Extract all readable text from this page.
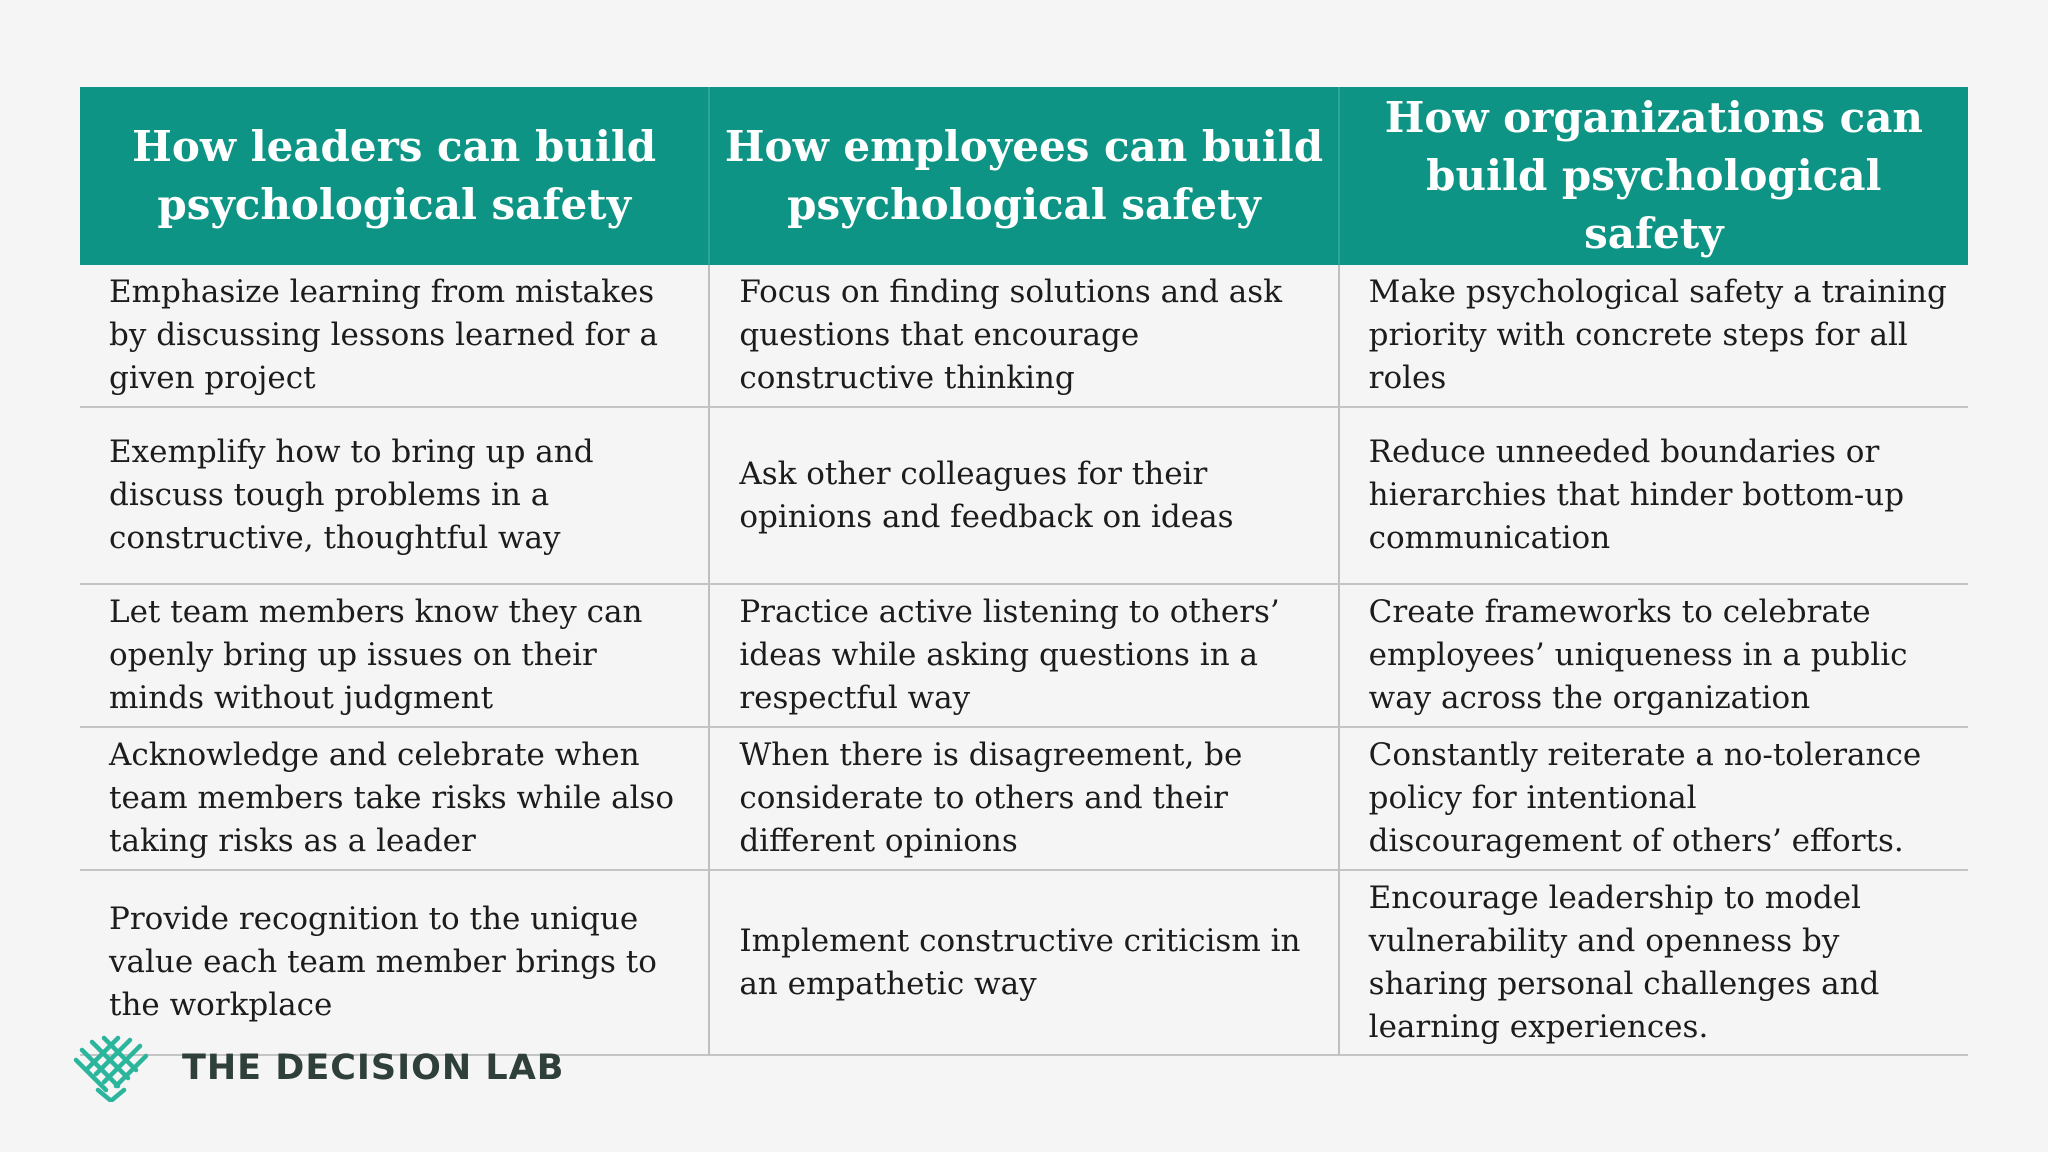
How leaders can build psychological safety	How employees can build psychological safety	How organizations can build psychological safety
Emphasize learning from mistakes by discussing lessons learned for a given project	Focus on finding solutions and ask questions that encourage constructive thinking	Make psychological safety a training priority with concrete steps for all roles
Exemplify how to bring up and discuss tough problems in a constructive, thoughtful way	Ask other colleagues for their opinions and feedback on ideas	Reduce unneeded boundaries or hierarchies that hinder bottom-up communication
Let team members know they can openly bring up issues on their minds without judgment	Practice active listening to others’ ideas while asking questions in a respectful way	Create frameworks to celebrate employees’ uniqueness in a public way across the organization
Acknowledge and celebrate when team members take risks while also taking risks as a leader	When there is disagreement, be considerate to others and their different opinions	Constantly reiterate a no-tolerance policy for intentional discouragement of others’ efforts.
Provide recognition to the unique value each team member brings to the workplace	Implement constructive criticism in an empathetic way	Encourage leadership to model vulnerability and openness by sharing personal challenges and learning experiences.
THE DECISION LAB
